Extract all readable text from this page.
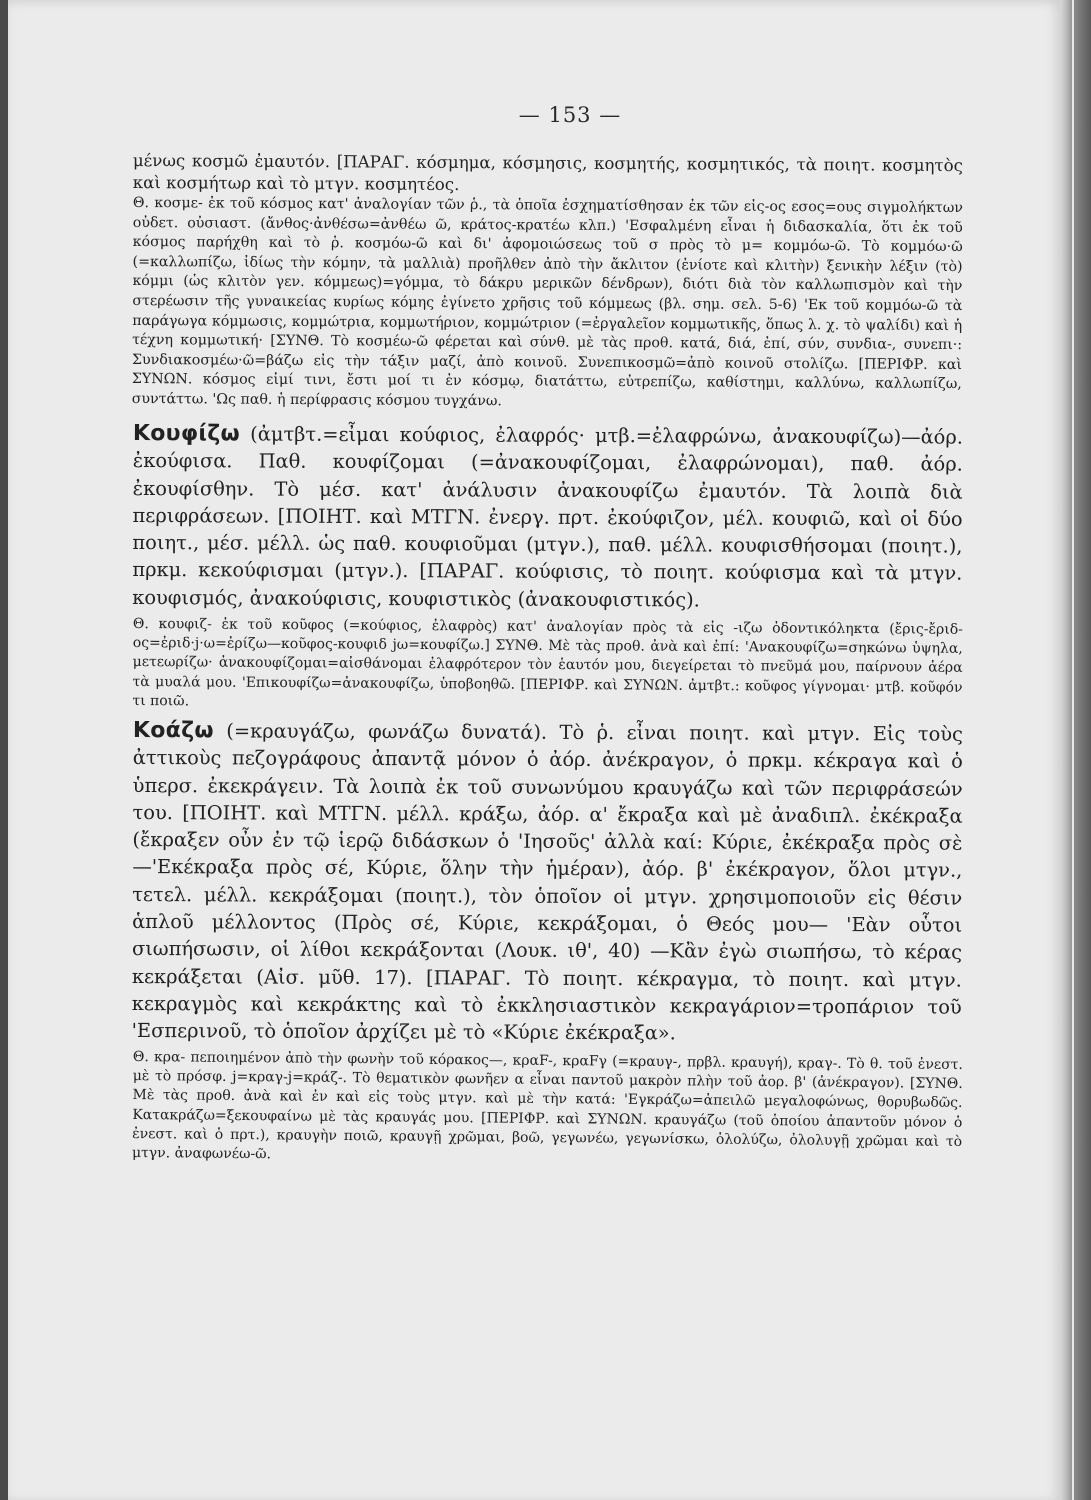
— 153 —

μένως κοσμῶ ἐμαυτόν. [ΠΑΡΑΓ. κόσμημα, κόσμησις, κοσμητής, κοσμητικός, τὰ ποιητ. κοσμητὸς καὶ κοσμήτωρ καὶ τὸ μτγν. κοσμητέος.

Θ. κοσμε- ἐκ τοῦ κόσμος κατ' ἀναλογίαν τῶν ῥ., τὰ ὁποῖα ἐσχηματίσθησαν ἐκ τῶν εἰς-ος εσος=ους σιγμολήκτων οὐδετ. οὐσιαστ. (ἄνθος·ἀνθέσω=ἀνθέω ῶ, κράτος-κρατέω κλπ.) 'Εσφαλμένη εἶναι ἡ διδασκαλία, ὅτι ἐκ τοῦ κόσμος παρήχθη καὶ τὸ ῥ. κοσμόω-ῶ καὶ δι' ἀφομοιώσεως τοῦ σ πρὸς τὸ μ= κομμόω-ῶ. Τὸ κομμόω·ῶ (=καλλωπίζω, ἰδίως τὴν κόμην, τὰ μαλλιὰ) προῆλθεν ἀπὸ τὴν ἄκλιτον (ἐνίοτε καὶ κλιτὴν) ξενικὴν λέξιν (τὸ) κόμμι (ὡς κλιτὸν γεν. κόμμεως)=γόμμα, τὸ δάκρυ μερικῶν δένδρων), διότι διὰ τὸν καλλωπισμὸν καὶ τὴν στερέωσιν τῆς γυναικείας κυρίως κόμης ἐγίνετο χρῆσις τοῦ κόμμεως (βλ. σημ. σελ. 5-6) 'Εκ τοῦ κομμόω-ῶ τὰ παράγωγα κόμμωσις, κομμώτρια, κομμωτήριον, κομμώτριον (=ἐργαλεῖον κομμωτικῆς, ὅπως λ. χ. τὸ ψαλίδι) καὶ ἡ τέχνη κομμωτική· [ΣΥΝΘ. Τὸ κοσμέω-ῶ φέρεται καὶ σύνθ. μὲ τὰς προθ. κατά, διά, ἐπί, σύν, συνδια-, συνεπι·: Συνδιακοσμέω·ῶ=βάζω εἰς τὴν τάξιν μαζί, ἀπὸ κοινοῦ. Συνεπικοσμῶ=ἀπὸ κοινοῦ στολίζω. [ΠΕΡΙΦΡ. καὶ ΣΥΝΩΝ. κόσμος εἰμί τινι, ἔστι μοί τι ἐν κόσμῳ, διατάττω, εὐτρεπίζω, καθίστημι, καλλύνω, καλλωπίζω, συντάττω. 'Ως παθ. ἡ περίφρασις κόσμου τυγχάνω.

Κουφίζω (ἀμτβτ.=εἶμαι κούφιος, ἐλαφρός· μτβ.=ἐλαφρώνω, ἀνακουφίζω)—ἀόρ. ἐκούφισα. Παθ. κουφίζομαι (=ἀνακουφίζομαι, ἐλαφρώνομαι), παθ. ἀόρ. ἐκουφίσθην. Τὸ μέσ. κατ' ἀνάλυσιν ἀνακουφίζω ἐμαυτόν. Τὰ λοιπὰ διὰ περιφράσεων. [ΠΟΙΗΤ. καὶ ΜΤΓΝ. ἐνεργ. πρτ. ἐκούφιζον, μέλ. κουφιῶ, καὶ οἱ δύο ποιητ., μέσ. μέλλ. ὡς παθ. κουφιοῦμαι (μτγν.), παθ. μέλλ. κουφισθήσομαι (ποιητ.), πρκμ. κεκούφισμαι (μτγν.). [ΠΑΡΑΓ. κούφισις, τὸ ποιητ. κούφισμα καὶ τὰ μτγν. κουφισμός, ἀνακούφισις, κουφιστικὸς (ἀνακουφιστικός).

Θ. κουφιζ- ἐκ τοῦ κοῦφος (=κούφιος, ἐλαφρὸς) κατ' ἀναλογίαν πρὸς τὰ εἰς -ιζω ὀδοντικόληκτα (ἔρις-ἔριδ-ος=ἐριδ·j·ω=ἐρίζω—κοῦφος-κουφιδ jω=κουφίζω.] ΣΥΝΘ. Μὲ τὰς προθ. ἀνὰ καὶ ἐπί: 'Ανακουφίζω=σηκώνω ὑψηλα, μετεωρίζω· ἀνακουφίζομαι=αἰσθάνομαι ἐλαφρότερον τὸν ἑαυτόν μου, διεγείρεται τὸ πνεῦμά μου, παίρνουν ἀέρα τὰ μυαλά μου. 'Επικουφίζω=ἀνακουφίζω, ὑποβοηθῶ. [ΠΕΡΙΦΡ. καὶ ΣΥΝΩΝ. ἀμτβτ.: κοῦφος γίγνομαι· μτβ. κοῦφόν τι ποιῶ.

Κοάζω (=κραυγάζω, φωνάζω δυνατά). Τὸ ῥ. εἶναι ποιητ. καὶ μτγν. Εἰς τοὺς ἀττικοὺς πεζογράφους ἀπαντᾷ μόνον ὁ ἀόρ. ἀνέκραγον, ὁ πρκμ. κέκραγα καὶ ὁ ὑπερσ. ἐκεκράγειν. Τὰ λοιπὰ ἐκ τοῦ συνωνύμου κραυγάζω καὶ τῶν περιφράσεών του. [ΠΟΙΗΤ. καὶ ΜΤΓΝ. μέλλ. κράξω, ἀόρ. α' ἔκραξα καὶ μὲ ἀναδιπλ. ἐκέκραξα (ἔκραξεν οὖν ἐν τῷ ἱερῷ διδάσκων ὁ 'Ιησοῦς' ἀλλὰ καί: Κύριε, ἐκέκραξα πρὸς σὲ—'Εκέκραξα πρὸς σέ, Κύριε, ὅλην τὴν ἡμέραν), ἀόρ. β' ἐκέκραγον, ὅλοι μτγν., τετελ. μέλλ. κεκράξομαι (ποιητ.), τὸν ὁποῖον οἱ μτγν. χρησιμοποιοῦν εἰς θέσιν ἁπλοῦ μέλλοντος (Πρὸς σέ, Κύριε, κεκράξομαι, ὁ Θεός μου— 'Εὰν οὗτοι σιωπήσωσιν, οἱ λίθοι κεκράξονται (Λουκ. ιθ', 40) —Κἂν ἐγὼ σιωπήσω, τὸ κέρας κεκράξεται (Αἰσ. μῦθ. 17). [ΠΑΡΑΓ. Τὸ ποιητ. κέκραγμα, τὸ ποιητ. καὶ μτγν. κεκραγμὸς καὶ κεκράκτης καὶ τὸ ἐκκλησιαστικὸν κεκραγάριον=τροπάριον τοῦ 'Εσπερινοῦ, τὸ ὁποῖον ἀρχίζει μὲ τὸ «Κύριε ἐκέκραξα».

Θ. κρα- πεποιημένον ἀπὸ τὴν φωνὴν τοῦ κόρακος—, κραF-, κραFγ (=κραυγ-, πρβλ. κραυγή), κραγ-. Τὸ θ. τοῦ ἐνεστ. μὲ τὸ πρόσφ. j=κραγ-j=κράζ-. Τὸ θεματικὸν φωνῆεν α εἶναι παντοῦ μακρὸν πλὴν τοῦ ἀορ. β' (ἀνέκραγον). [ΣΥΝΘ. Μὲ τὰς προθ. ἀνὰ καὶ ἐν καὶ εἰς τοὺς μτγν. καὶ μὲ τὴν κατά: 'Εγκράζω=ἀπειλῶ μεγαλοφώνως, θορυβωδῶς. Κατακράζω=ξεκουφαίνω μὲ τὰς κραυγάς μου. [ΠΕΡΙΦΡ. καὶ ΣΥΝΩΝ. κραυγάζω (τοῦ ὁποίου ἀπαντοῦν μόνον ὁ ἐνεστ. καὶ ὁ πρτ.), κραυγὴν ποιῶ, κραυγῇ χρῶμαι, βοῶ, γεγωνέω, γεγωνίσκω, ὀλολύζω, ὀλολυγῇ χρῶμαι καὶ τὸ μτγν. ἀναφωνέω-ῶ.
